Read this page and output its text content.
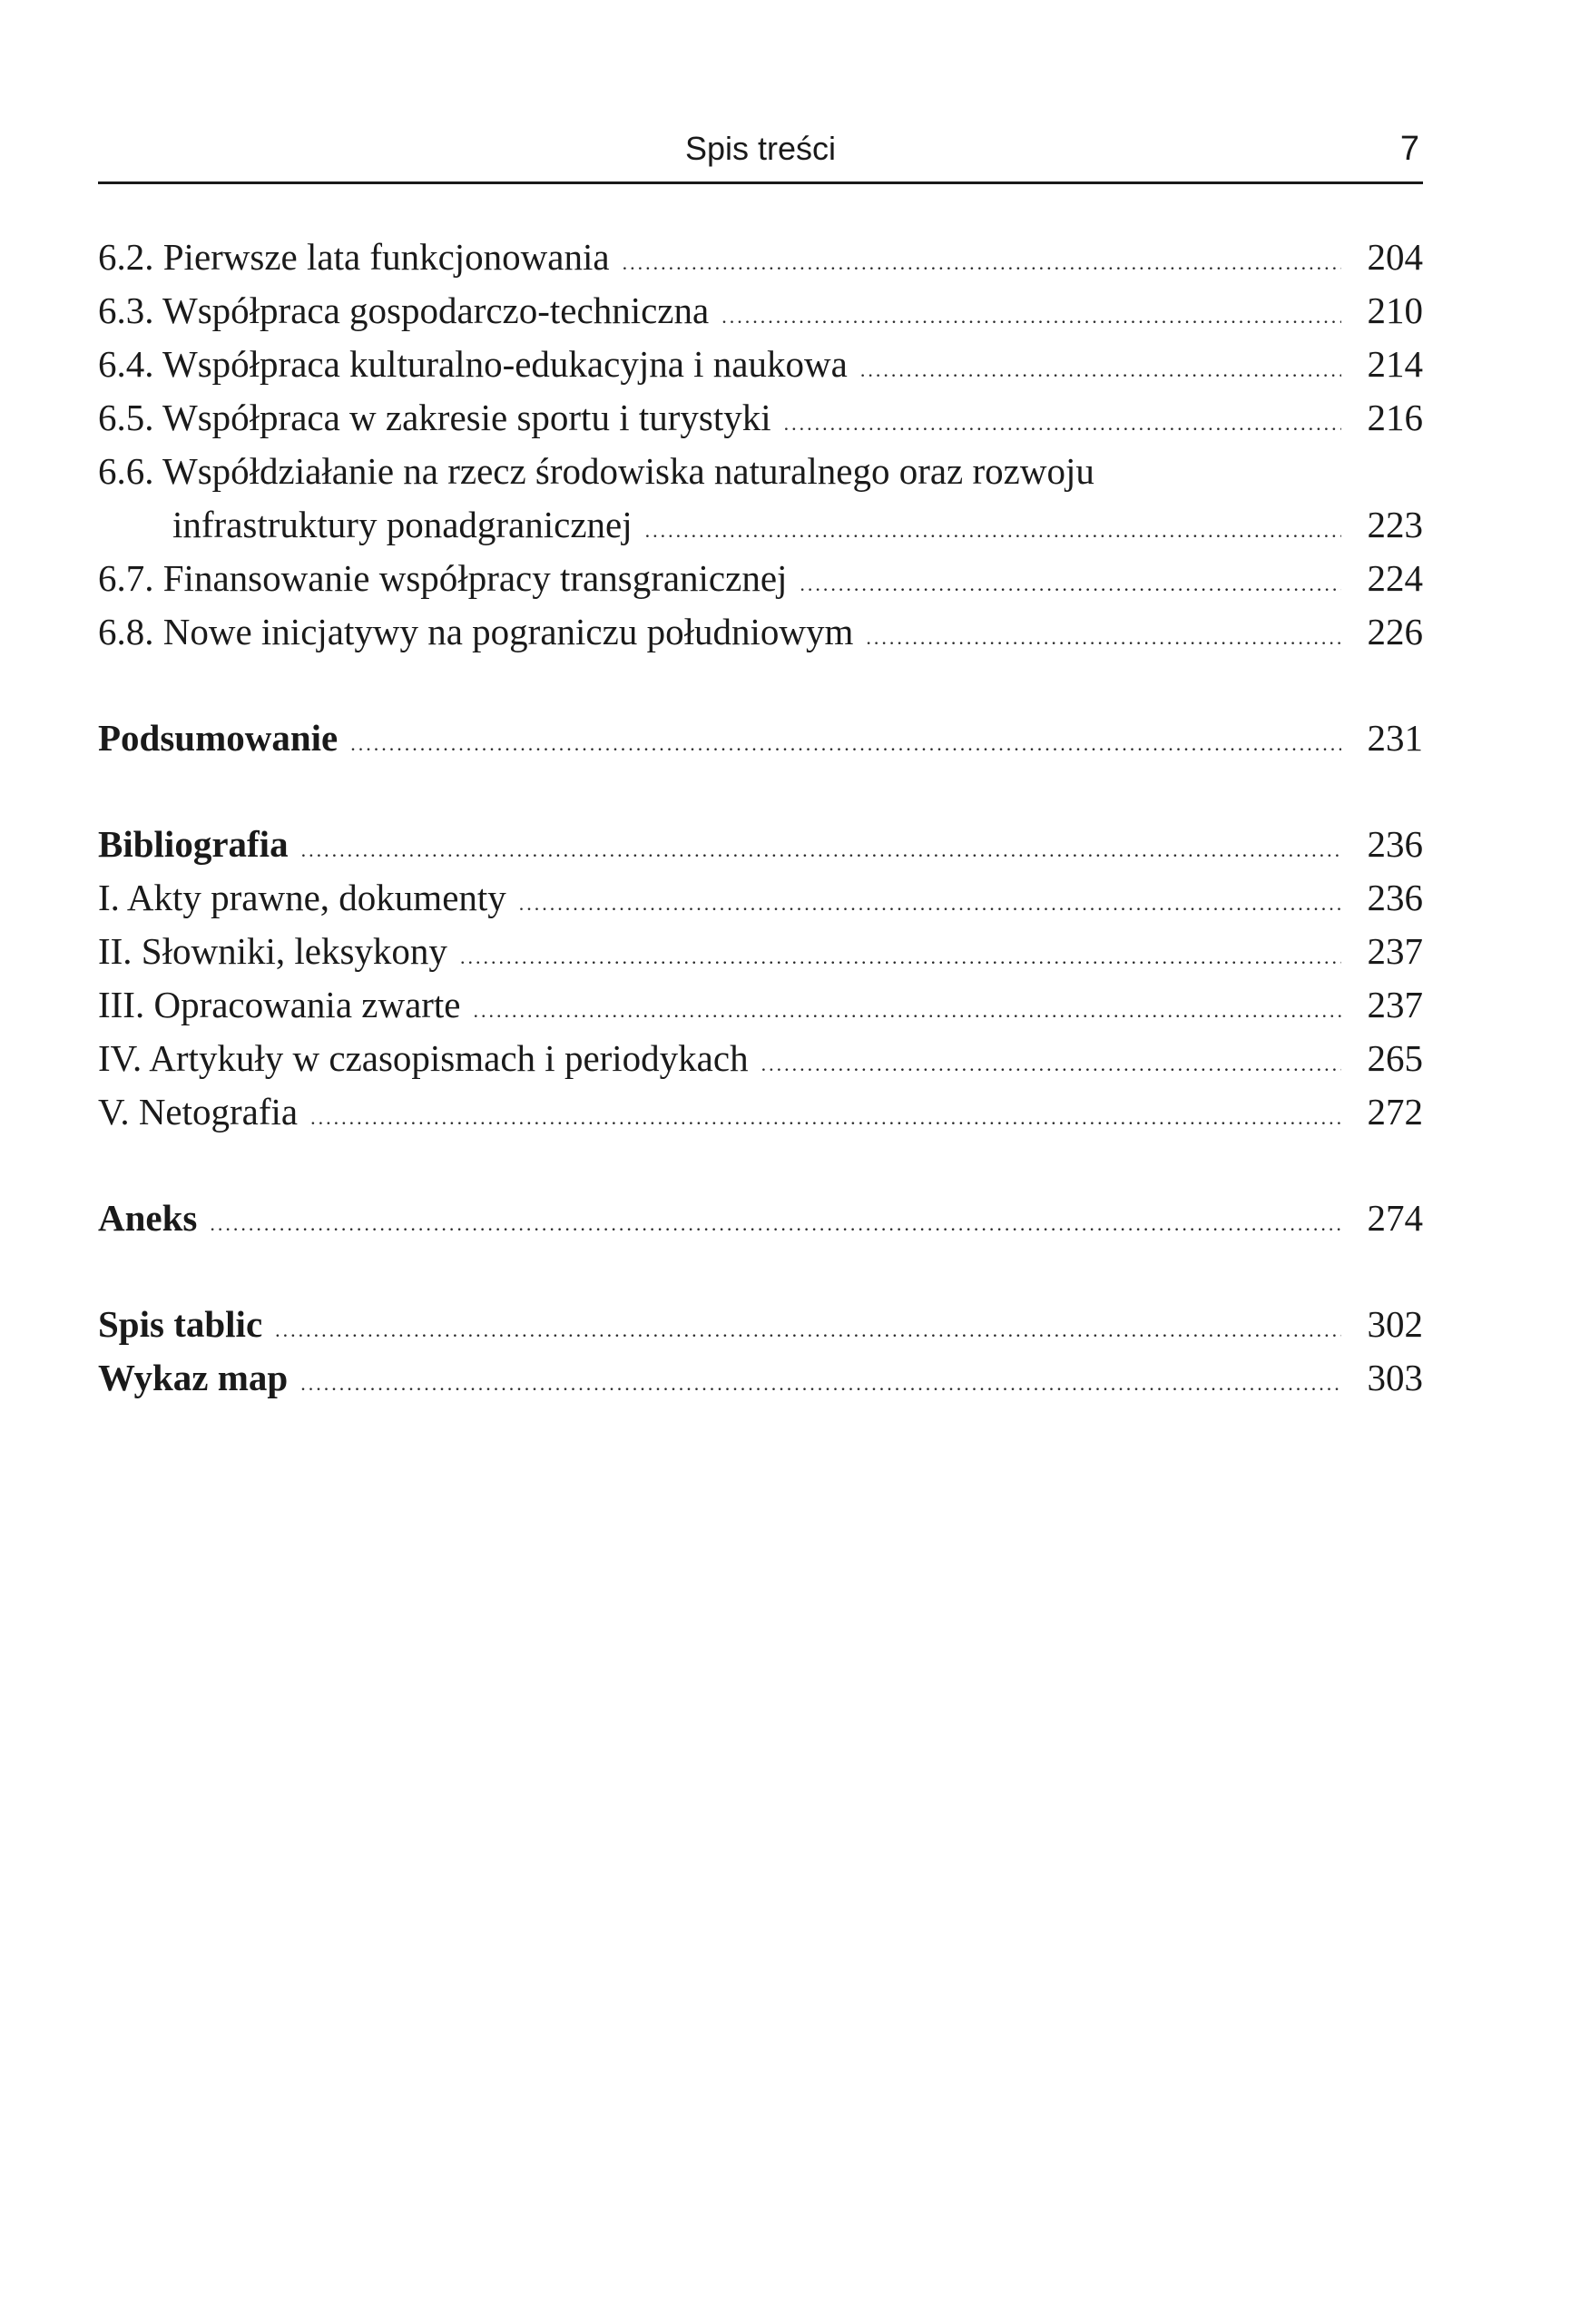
Spis treści	7
6.2. Pierwsze lata funkcjonowania .....	204
6.3. Współpraca gospodarczo-techniczna .....	210
6.4. Współpraca kulturalno-edukacyjna i naukowa .....	214
6.5. Współpraca w zakresie sportu i turystyki .....	216
6.6. Współdziałanie na rzecz środowiska naturalnego oraz rozwoju
infrastruktury ponadgranicznej .....	223
6.7. Finansowanie współpracy transgranicznej .....	224
6.8. Nowe inicjatywy na pograniczu południowym .....	226
Podsumowanie .....	231
Bibliografia .....	236
I. Akty prawne, dokumenty .....	236
II. Słowniki, leksykony .....	237
III. Opracowania zwarte .....	237
IV. Artykuły w czasopismach i periodykach .....	265
V. Netografia .....	272
Aneks .....	274
Spis tablic .....	302
Wykaz map .....	303
